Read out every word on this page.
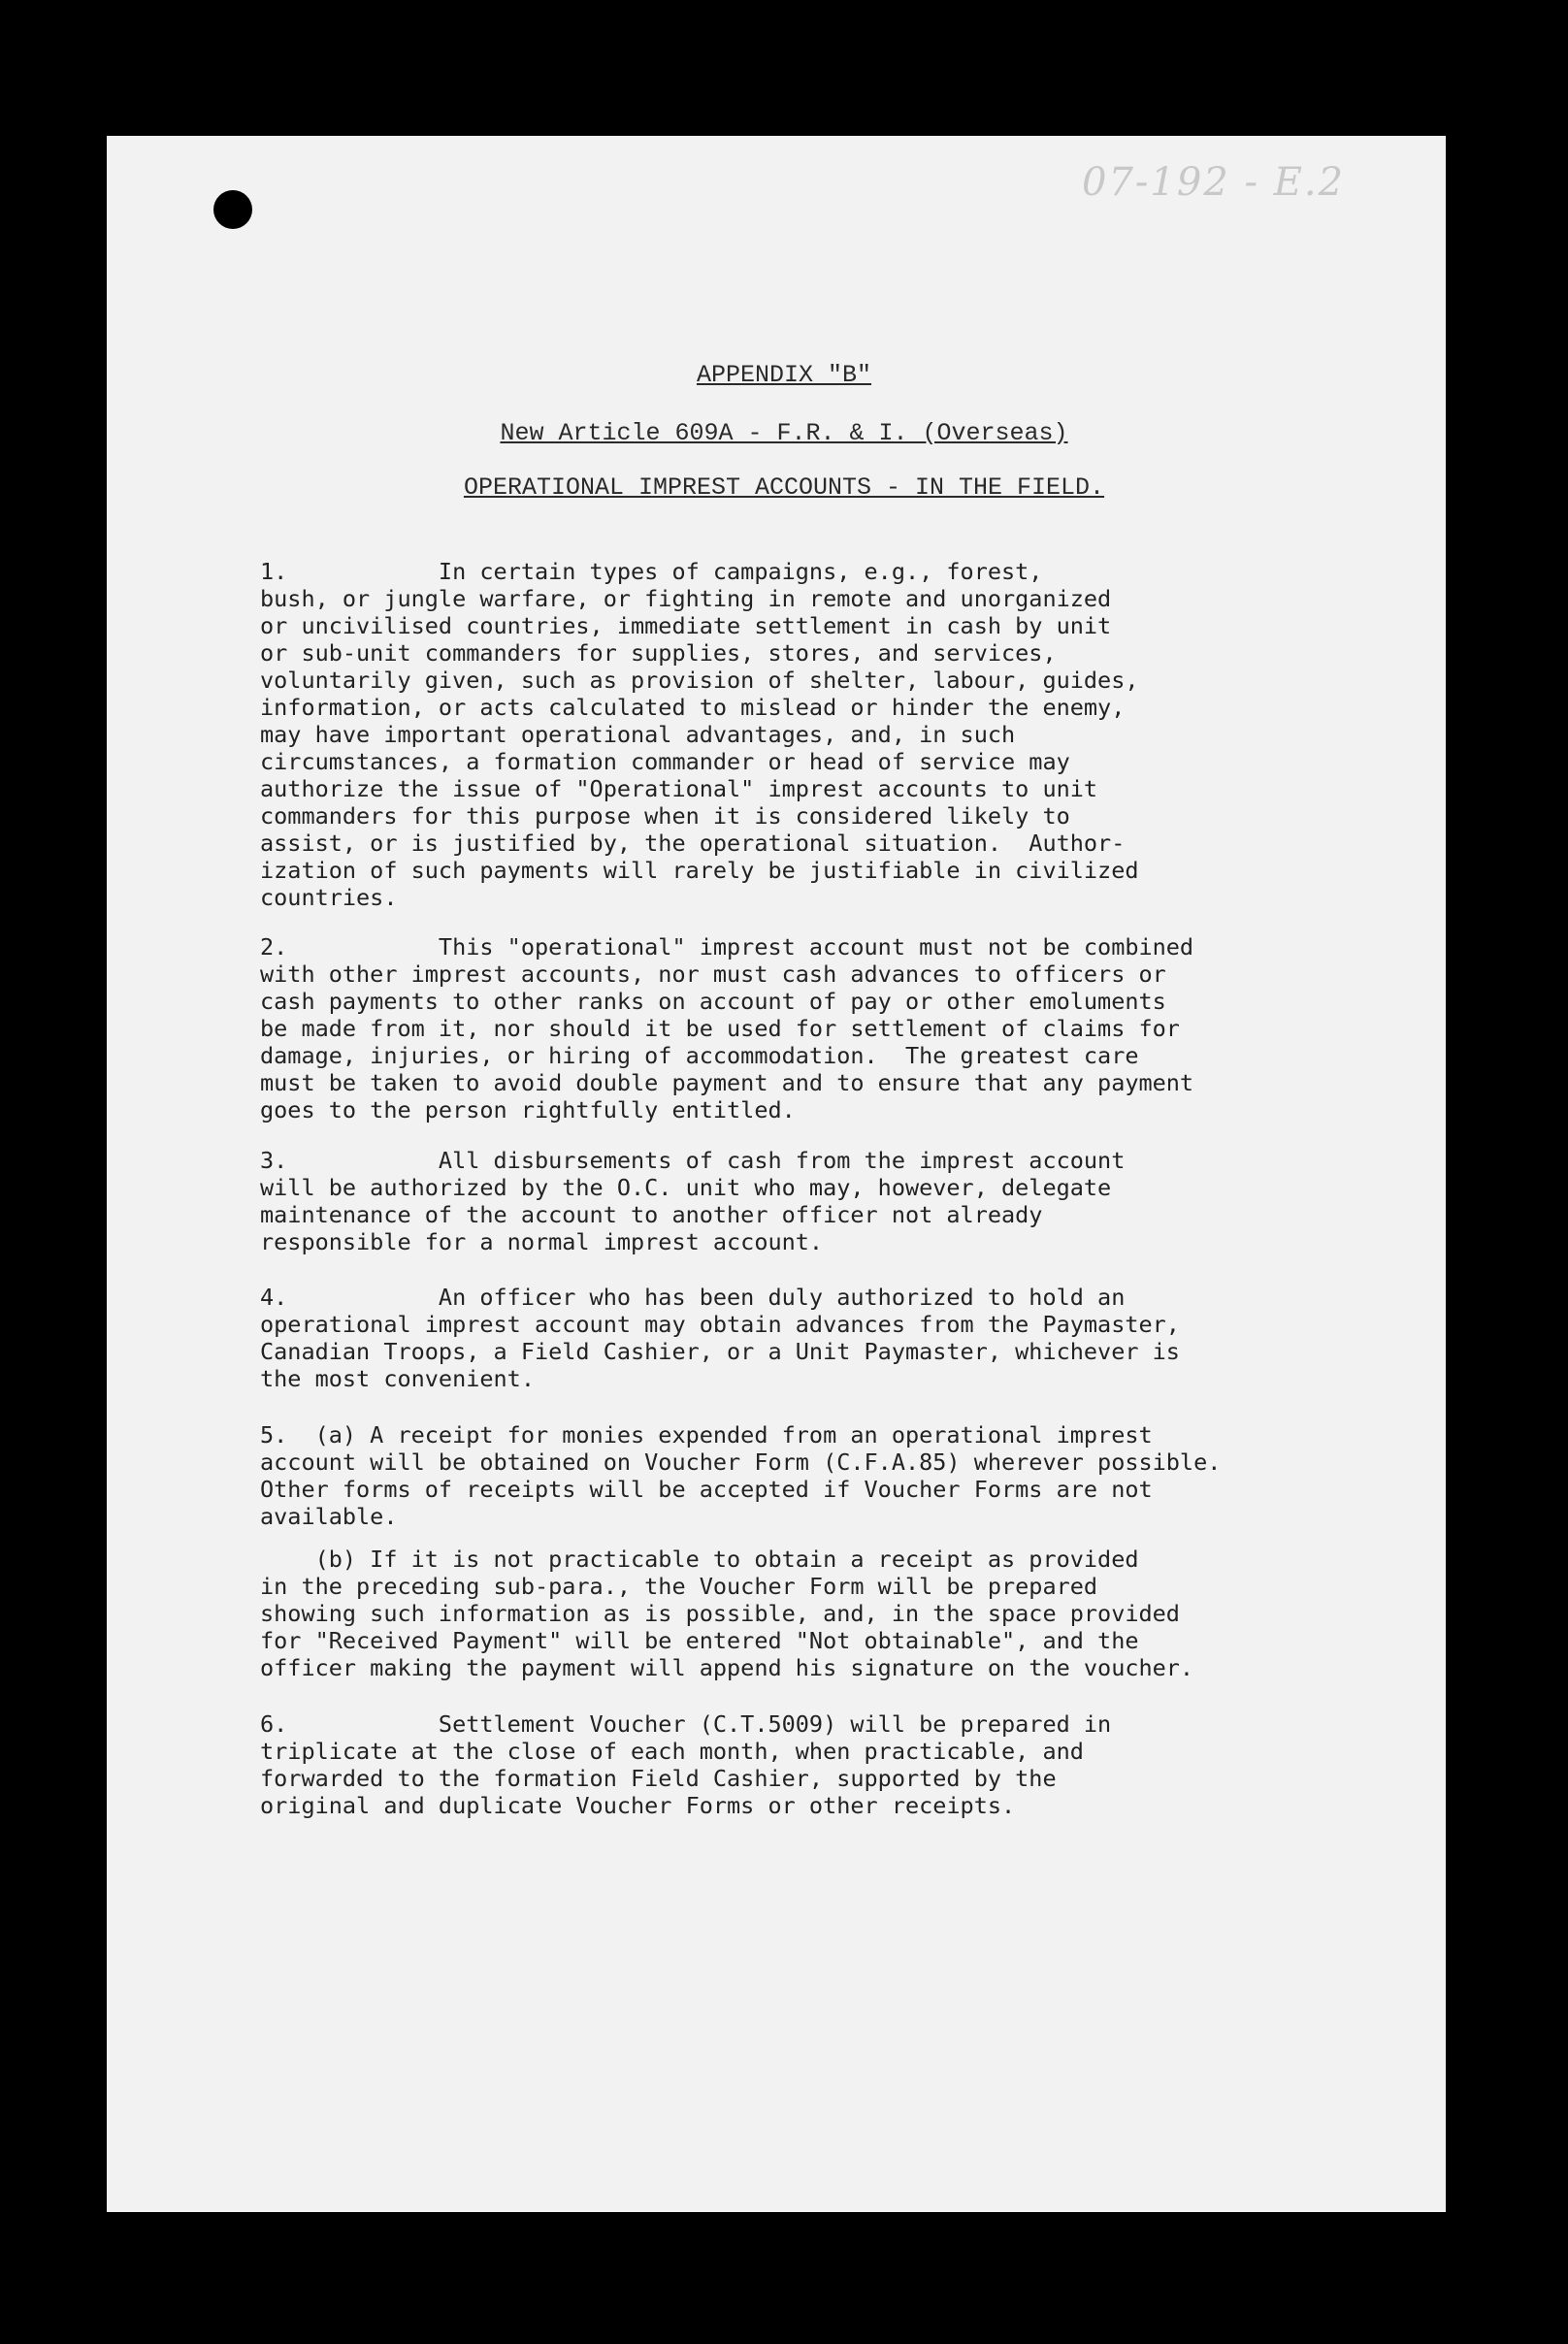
07-192 - E.2
APPENDIX "B"
New Article 609A - F.R. & I. (Overseas)
OPERATIONAL IMPREST ACCOUNTS - IN THE FIELD.
1.           In certain types of campaigns, e.g., forest,
bush, or jungle warfare, or fighting in remote and unorganized
or uncivilised countries, immediate settlement in cash by unit
or sub-unit commanders for supplies, stores, and services,
voluntarily given, such as provision of shelter, labour, guides,
information, or acts calculated to mislead or hinder the enemy,
may have important operational advantages, and, in such
circumstances, a formation commander or head of service may
authorize the issue of "Operational" imprest accounts to unit
commanders for this purpose when it is considered likely to
assist, or is justified by, the operational situation.  Author-
ization of such payments will rarely be justifiable in civilized
countries.
2.           This "operational" imprest account must not be combined
with other imprest accounts, nor must cash advances to officers or
cash payments to other ranks on account of pay or other emoluments
be made from it, nor should it be used for settlement of claims for
damage, injuries, or hiring of accommodation.  The greatest care
must be taken to avoid double payment and to ensure that any payment
goes to the person rightfully entitled.
3.           All disbursements of cash from the imprest account
will be authorized by the O.C. unit who may, however, delegate
maintenance of the account to another officer not already
responsible for a normal imprest account.
4.           An officer who has been duly authorized to hold an
operational imprest account may obtain advances from the Paymaster,
Canadian Troops, a Field Cashier, or a Unit Paymaster, whichever is
the most convenient.
5.  (a) A receipt for monies expended from an operational imprest
account will be obtained on Voucher Form (C.F.A.85) wherever possible.
Other forms of receipts will be accepted if Voucher Forms are not
available.
(b) If it is not practicable to obtain a receipt as provided
in the preceding sub-para., the Voucher Form will be prepared
showing such information as is possible, and, in the space provided
for "Received Payment" will be entered "Not obtainable", and the
officer making the payment will append his signature on the voucher.
6.           Settlement Voucher (C.T.5009) will be prepared in
triplicate at the close of each month, when practicable, and
forwarded to the formation Field Cashier, supported by the
original and duplicate Voucher Forms or other receipts.
